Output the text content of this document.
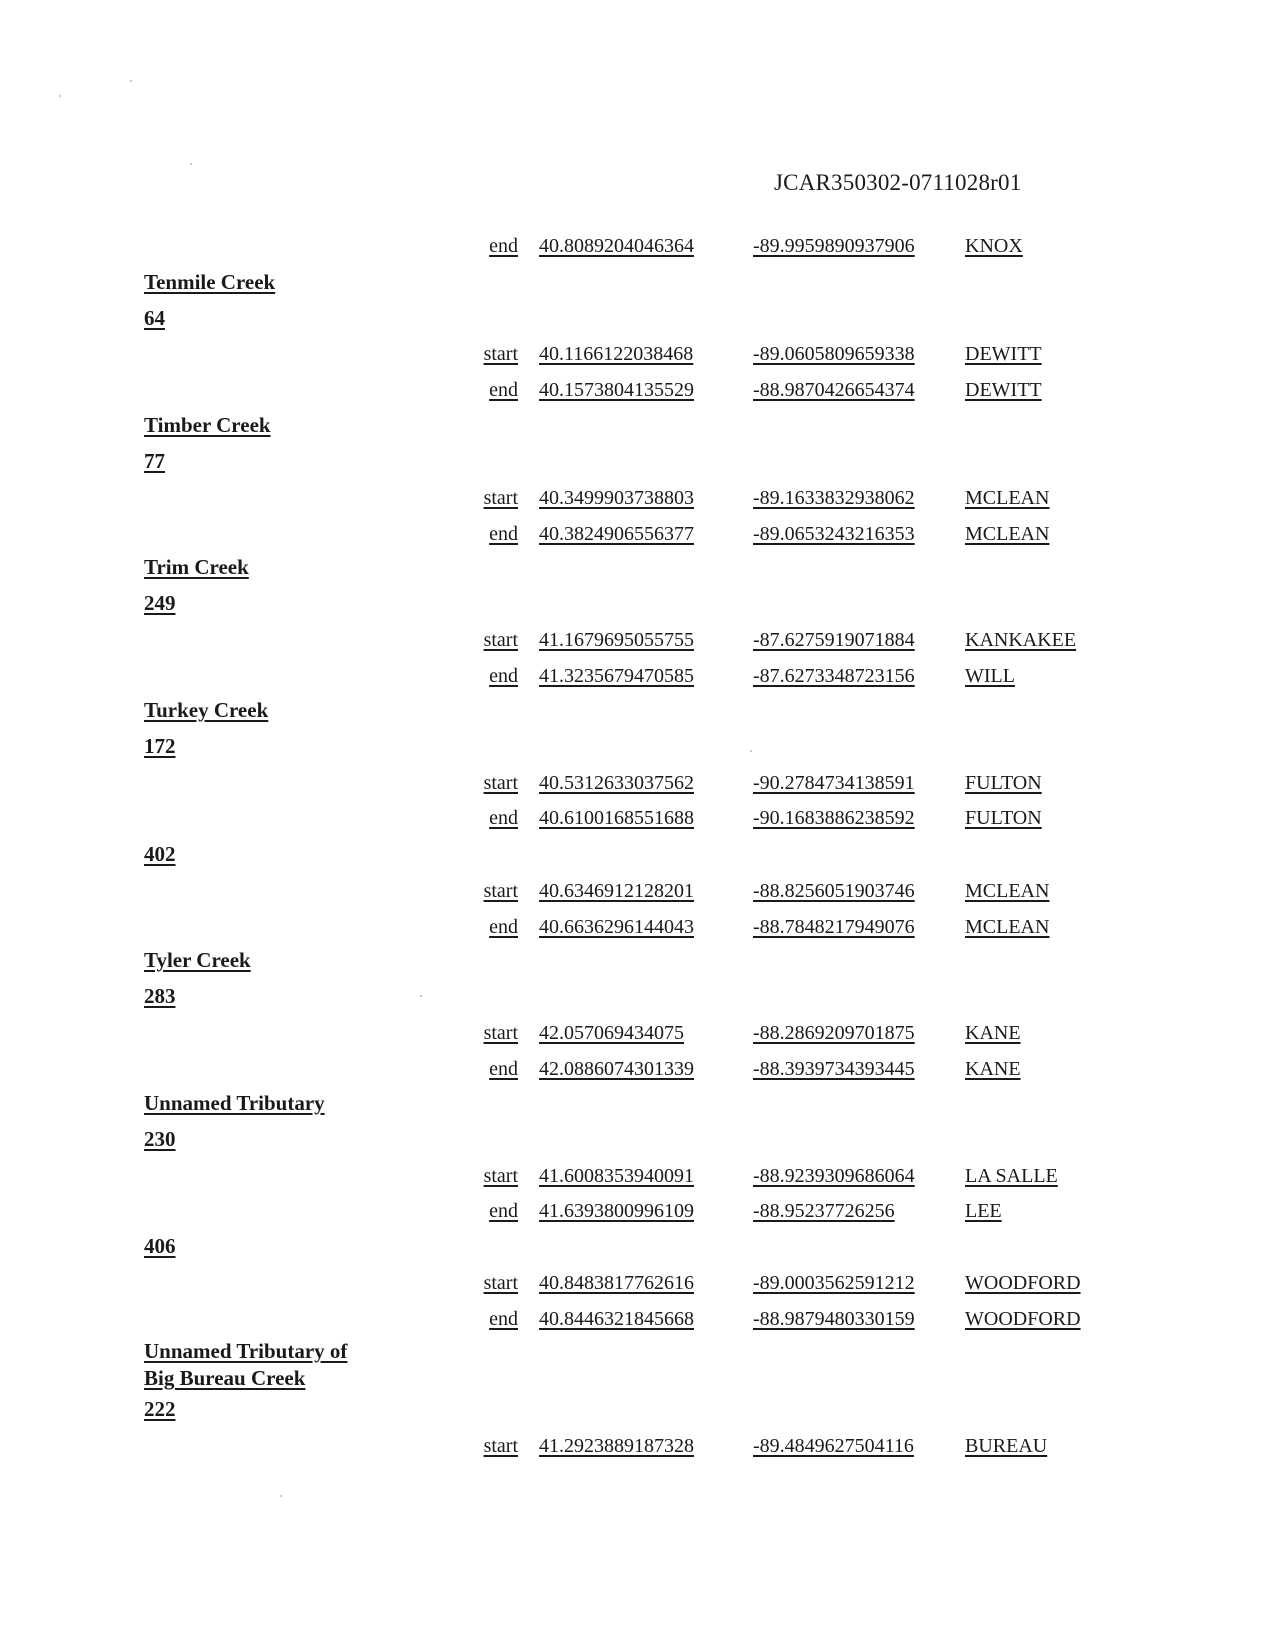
JCAR350302-0711028r01
end 40.8089204046364	-89.9959890937906	KNOX
Tenmile Creek
64
start 40.1166122038468	-89.0605809659338	DEWITT
end 40.1573804135529	-88.9870426654374	DEWITT
Timber Creek
77
start 40.3499903738803	-89.1633832938062	MCLEAN
end 40.3824906556377	-89.0653243216353	MCLEAN
Trim Creek
249
start 41.1679695055755	-87.6275919071884	KANKAKEE
end 41.3235679470585	-87.6273348723156	WILL
Turkey Creek
172
start 40.5312633037562	-90.2784734138591	FULTON
end 40.6100168551688	-90.1683886238592	FULTON
402
start 40.6346912128201	-88.8256051903746	MCLEAN
end 40.6636296144043	-88.7848217949076	MCLEAN
Tyler Creek
283
start 42.057069434075	-88.2869209701875	KANE
end 42.0886074301339	-88.3939734393445	KANE
Unnamed Tributary
230
start 41.6008353940091	-88.9239309686064	LA SALLE
end 41.6393800996109	-88.95237726256	LEE
406
start 40.8483817762616	-89.0003562591212	WOODFORD
end 40.8446321845668	-88.9879480330159	WOODFORD
Unnamed Tributary of
Big Bureau Creek
222
start 41.2923889187328	-89.4849627504116	BUREAU
